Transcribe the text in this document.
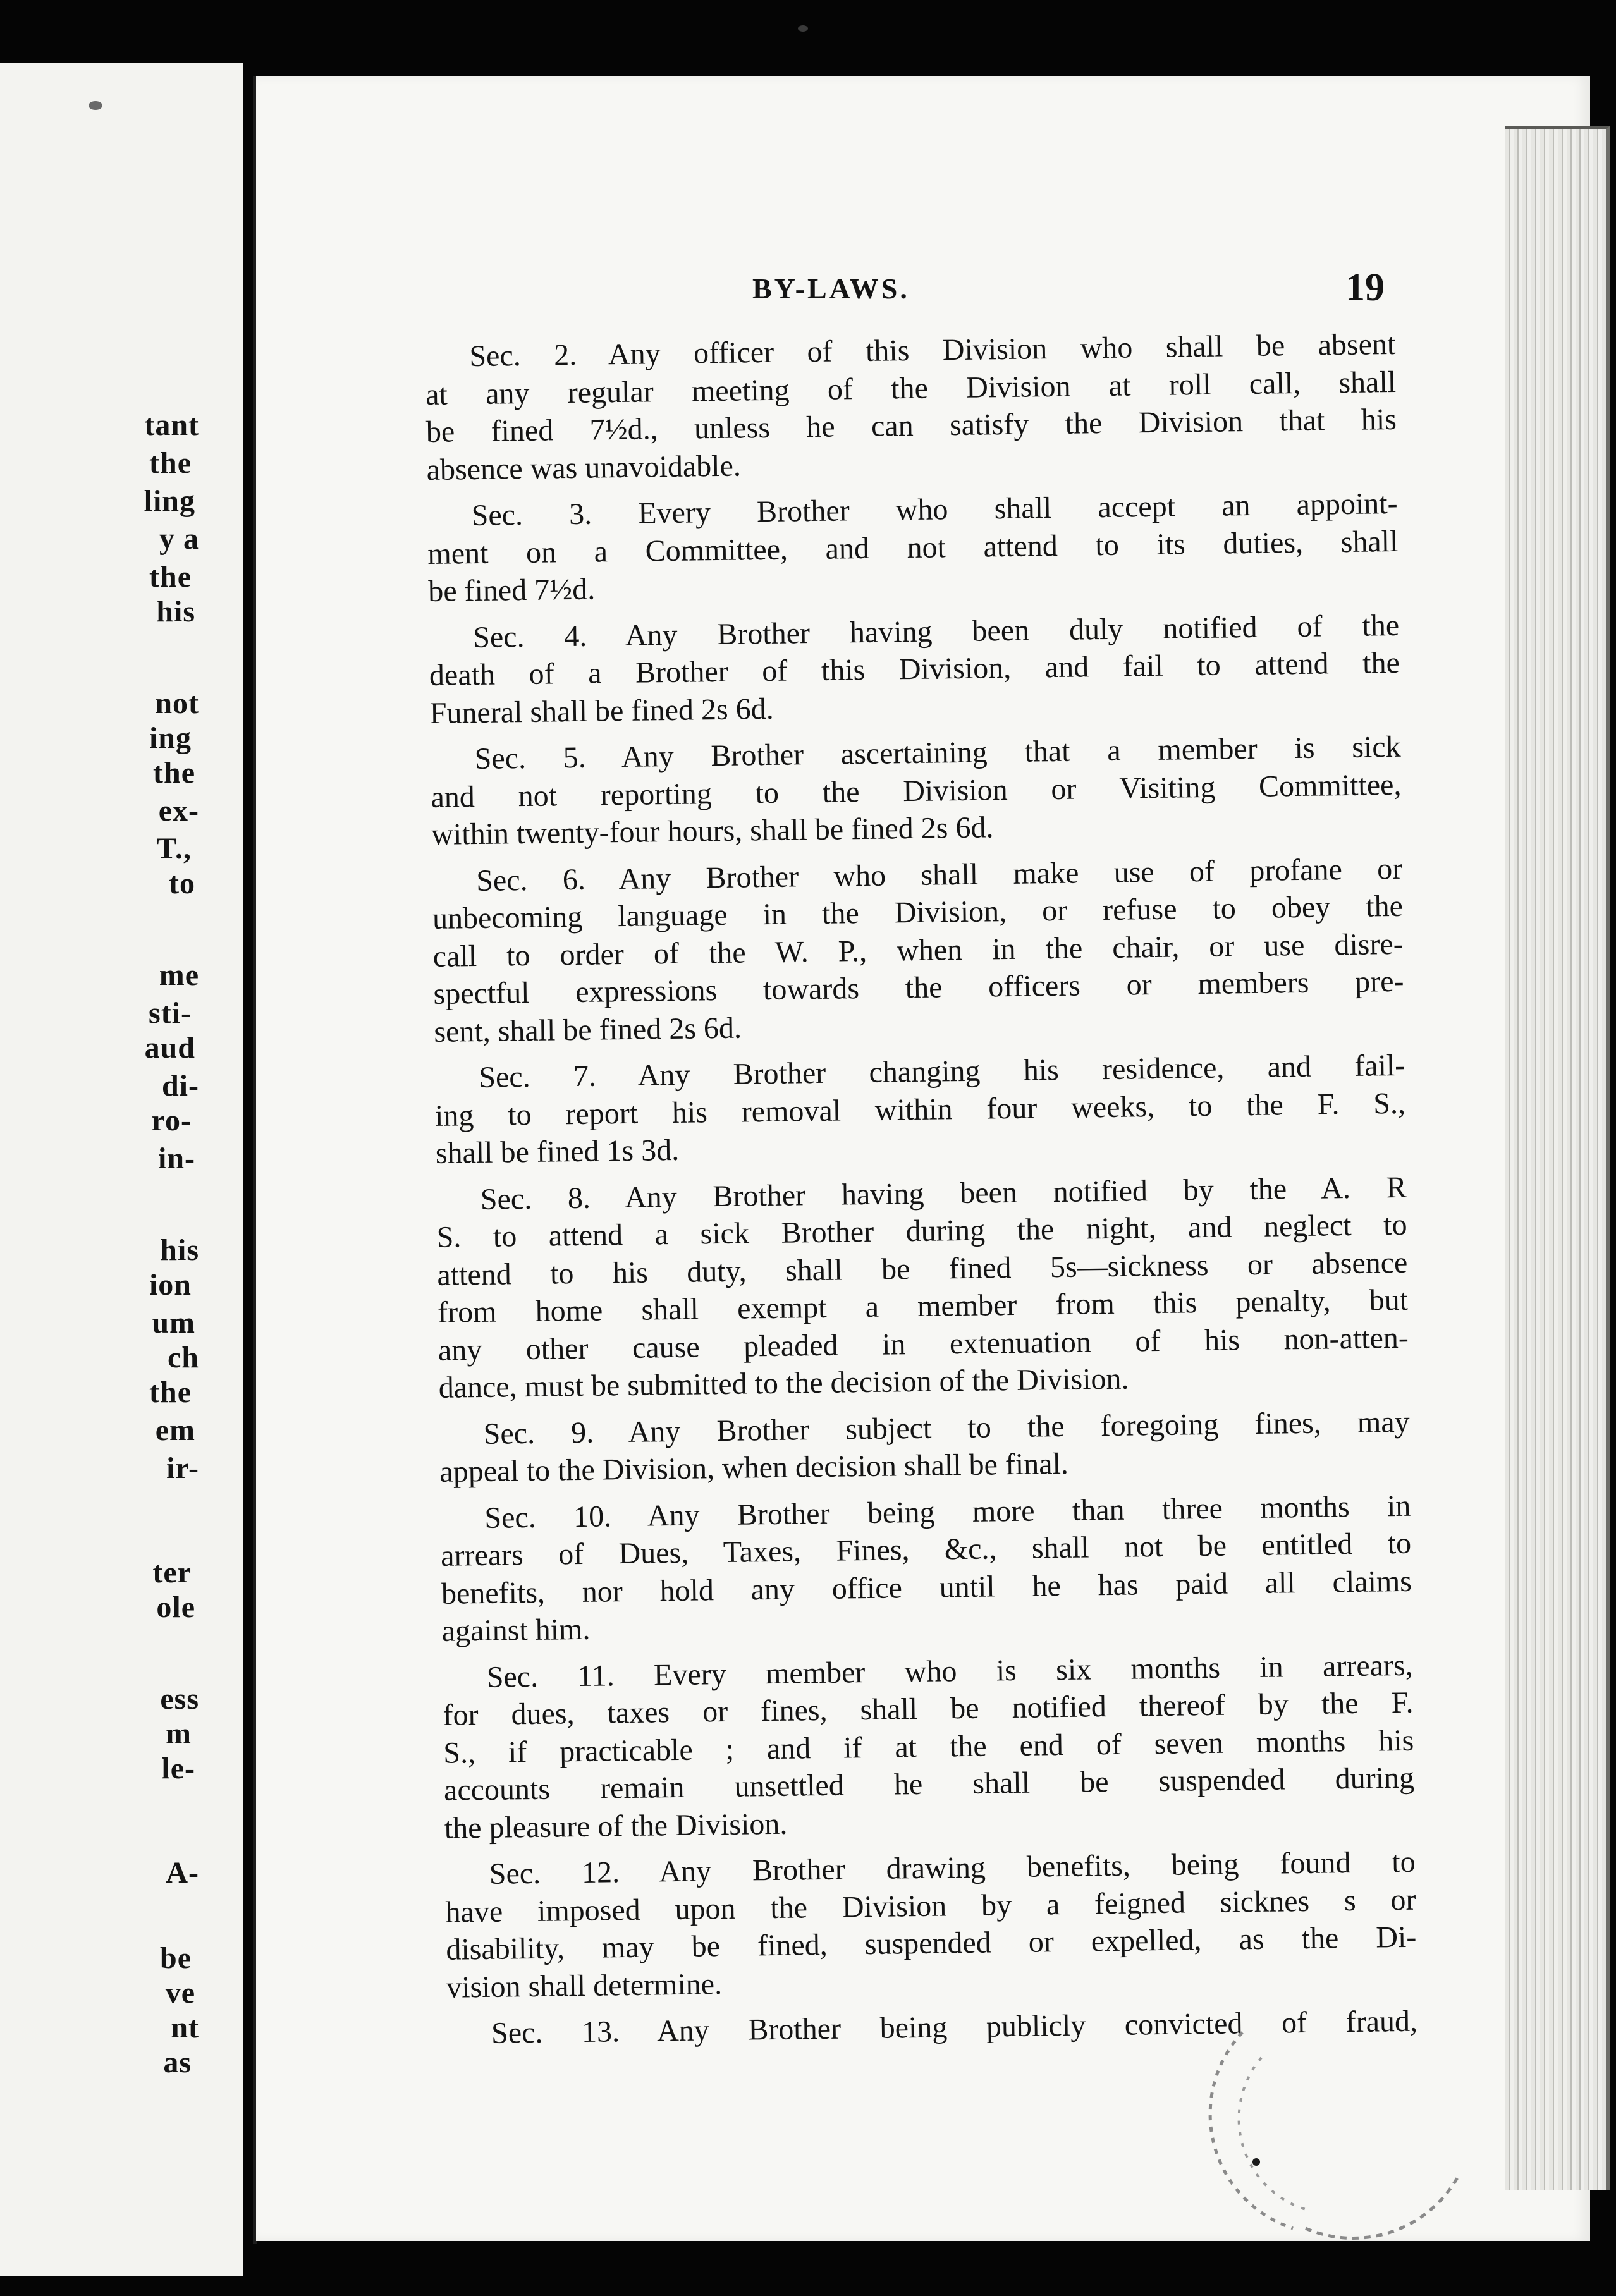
tant
the
ling
y a
the
his
not
ing
the
ex-
T.,
to
me
sti-
aud
di-
ro-
in-
his
ion
um
ch
the
em
ir-
ter
ole
ess
m
le-
A-
be
ve
nt
as
BY-LAWS.	19
Sec. 2. Any officer of this Division who shall be absent
at any regular meeting of the Division at roll call, shall
be fined 7½d., unless he can satisfy the Division that his
absence was unavoidable.
Sec. 3. Every Brother who shall accept an appoint-
ment on a Committee, and not attend to its duties, shall
be fined 7½d.
Sec. 4. Any Brother having been duly notified of the
death of a Brother of this Division, and fail to attend the
Funeral shall be fined 2s 6d.
Sec. 5. Any Brother ascertaining that a member is sick
and not reporting to the Division or Visiting Committee,
within twenty-four hours, shall be fined 2s 6d.
Sec. 6. Any Brother who shall make use of profane or
unbecoming language in the Division, or refuse to obey the
call to order of the W. P., when in the chair, or use disre-
spectful expressions towards the officers or members pre-
sent, shall be fined 2s 6d.
Sec. 7. Any Brother changing his residence, and fail-
ing to report his removal within four weeks, to the F. S.,
shall be fined 1s 3d.
Sec. 8. Any Brother having been notified by the A. R
S. to attend a sick Brother during the night, and neglect to
attend to his duty, shall be fined 5s—sickness or absence
from home shall exempt a member from this penalty, but
any other cause pleaded in extenuation of his non-atten-
dance, must be submitted to the decision of the Division.
Sec. 9. Any Brother subject to the foregoing fines, may
appeal to the Division, when decision shall be final.
Sec. 10. Any Brother being more than three months in
arrears of Dues, Taxes, Fines, &c., shall not be entitled to
benefits, nor hold any office until he has paid all claims
against him.
Sec. 11. Every member who is six months in arrears,
for dues, taxes or fines, shall be notified thereof by the F.
S., if practicable ; and if at the end of seven months his
accounts remain unsettled he shall be suspended during
the pleasure of the Division.
Sec. 12. Any Brother drawing benefits, being found to
have imposed upon the Division by a feigned sicknes s or
disability, may be fined, suspended or expelled, as the Di-
vision shall determine.
Sec. 13. Any Brother being publicly convicted of fraud,
